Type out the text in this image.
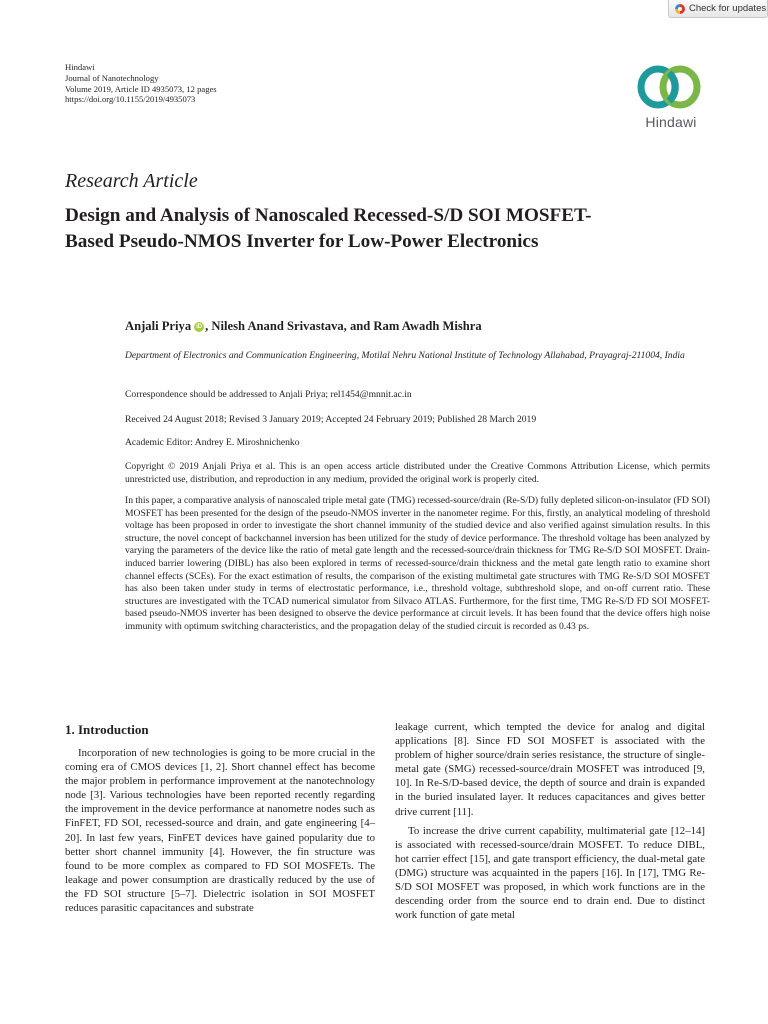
Check for updates
Hindawi
Journal of Nanotechnology
Volume 2019, Article ID 4935073, 12 pages
https://doi.org/10.1155/2019/4935073
Hindawi
Research Article
Design and Analysis of Nanoscaled Recessed-S/D SOI MOSFET-Based Pseudo-NMOS Inverter for Low-Power Electronics
Anjali Priya iD , Nilesh Anand Srivastava, and Ram Awadh Mishra
Department of Electronics and Communication Engineering, Motilal Nehru National Institute of Technology Allahabad, Prayagraj-211004, India
Correspondence should be addressed to Anjali Priya; rel1454@mnnit.ac.in
Received 24 August 2018; Revised 3 January 2019; Accepted 24 February 2019; Published 28 March 2019
Academic Editor: Andrey E. Miroshnichenko
Copyright © 2019 Anjali Priya et al. This is an open access article distributed under the Creative Commons Attribution License, which permits unrestricted use, distribution, and reproduction in any medium, provided the original work is properly cited.
In this paper, a comparative analysis of nanoscaled triple metal gate (TMG) recessed-source/drain (Re-S/D) fully depleted silicon-on-insulator (FD SOI) MOSFET has been presented for the design of the pseudo-NMOS inverter in the nanometer regime. For this, firstly, an analytical modeling of threshold voltage has been proposed in order to investigate the short channel immunity of the studied device and also verified against simulation results. In this structure, the novel concept of backchannel inversion has been utilized for the study of device performance. The threshold voltage has been analyzed by varying the parameters of the device like the ratio of metal gate length and the recessed-source/drain thickness for TMG Re-S/D SOI MOSFET. Drain-induced barrier lowering (DIBL) has also been explored in terms of recessed-source/drain thickness and the metal gate length ratio to examine short channel effects (SCEs). For the exact estimation of results, the comparison of the existing multimetal gate structures with TMG Re-S/D SOI MOSFET has also been taken under study in terms of electrostatic performance, i.e., threshold voltage, subthreshold slope, and on-off current ratio. These structures are investigated with the TCAD numerical simulator from Silvaco ATLAS. Furthermore, for the first time, TMG Re-S/D FD SOI MOSFET-based pseudo-NMOS inverter has been designed to observe the device performance at circuit levels. It has been found that the device offers high noise immunity with optimum switching characteristics, and the propagation delay of the studied circuit is recorded as 0.43 ps.
1. Introduction

Incorporation of new technologies is going to be more crucial in the coming era of CMOS devices [1, 2]. Short channel effect has become the major problem in performance improvement at the nanotechnology node [3]. Various technologies have been reported recently regarding the improvement in the device performance at nanometre nodes such as FinFET, FD SOI, recessed-source and drain, and gate engineering [4–20]. In last few years, FinFET devices have gained popularity due to better short channel immunity [4]. However, the fin structure was found to be more complex as compared to FD SOI MOSFETs. The leakage and power consumption are drastically reduced by the use of the FD SOI structure [5–7]. Dielectric isolation in SOI MOSFET reduces parasitic capacitances and substrate

leakage current, which tempted the device for analog and digital applications [8]. Since FD SOI MOSFET is associated with the problem of higher source/drain series resistance, the structure of single-metal gate (SMG) recessed-source/drain MOSFET was introduced [9, 10]. In Re-S/D-based device, the depth of source and drain is expanded in the buried insulated layer. It reduces capacitances and gives better drive current [11].

To increase the drive current capability, multimaterial gate [12–14] is associated with recessed-source/drain MOSFET. To reduce DIBL, hot carrier effect [15], and gate transport efficiency, the dual-metal gate (DMG) structure was acquainted in the papers [16]. In [17], TMG Re-S/D SOI MOSFET was proposed, in which work functions are in the descending order from the source end to drain end. Due to distinct work function of gate metal
